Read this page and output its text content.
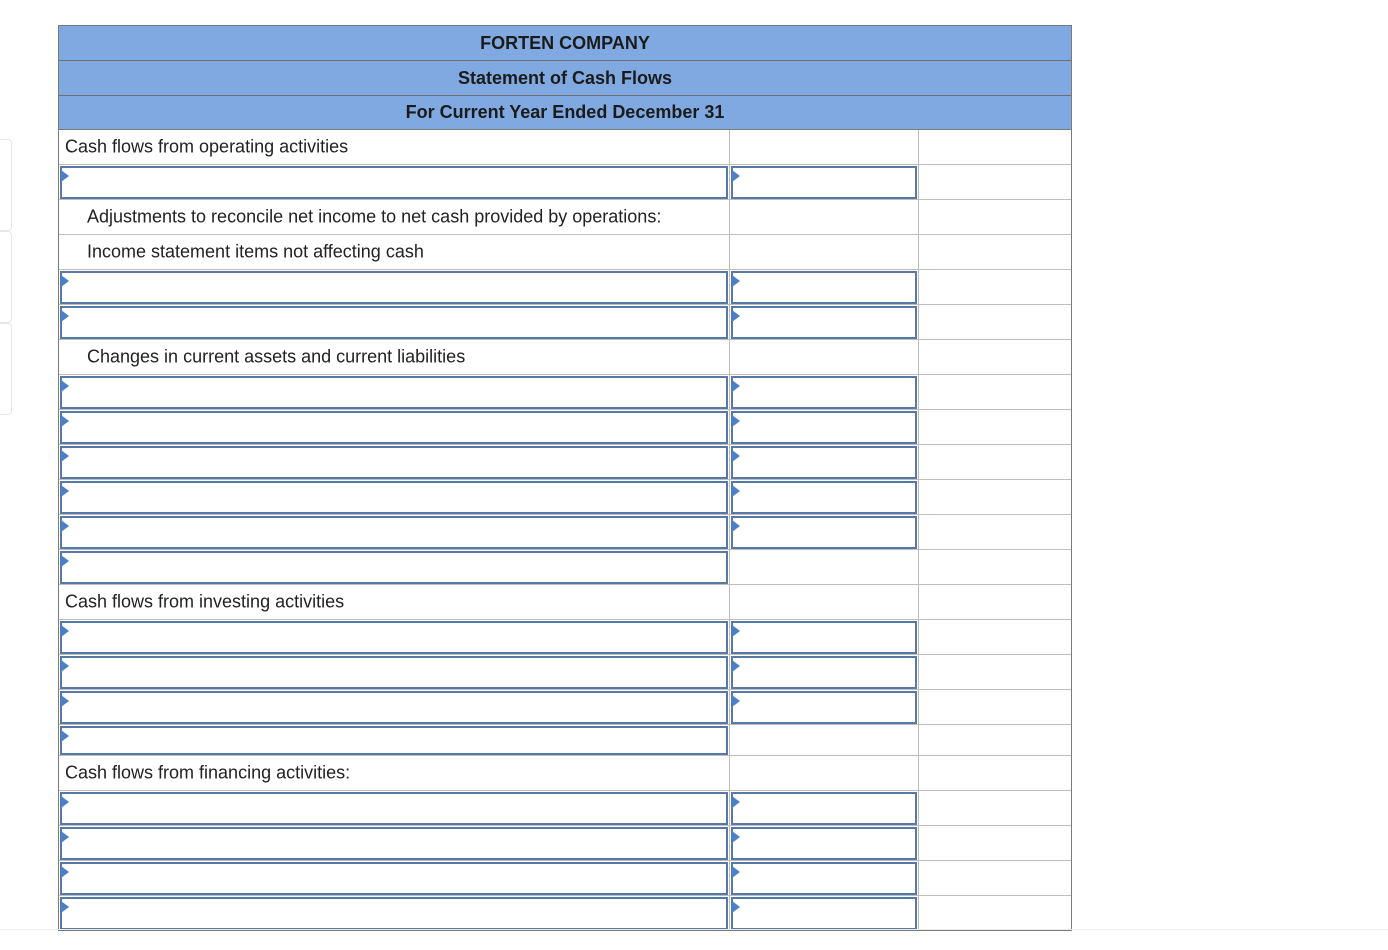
FORTEN COMPANY
Statement of Cash Flows
For Current Year Ended December 31
Cash flows from operating activities
Adjustments to reconcile net income to net cash provided by operations:
Income statement items not affecting cash
Changes in current assets and current liabilities
Cash flows from investing activities
Cash flows from financing activities:
